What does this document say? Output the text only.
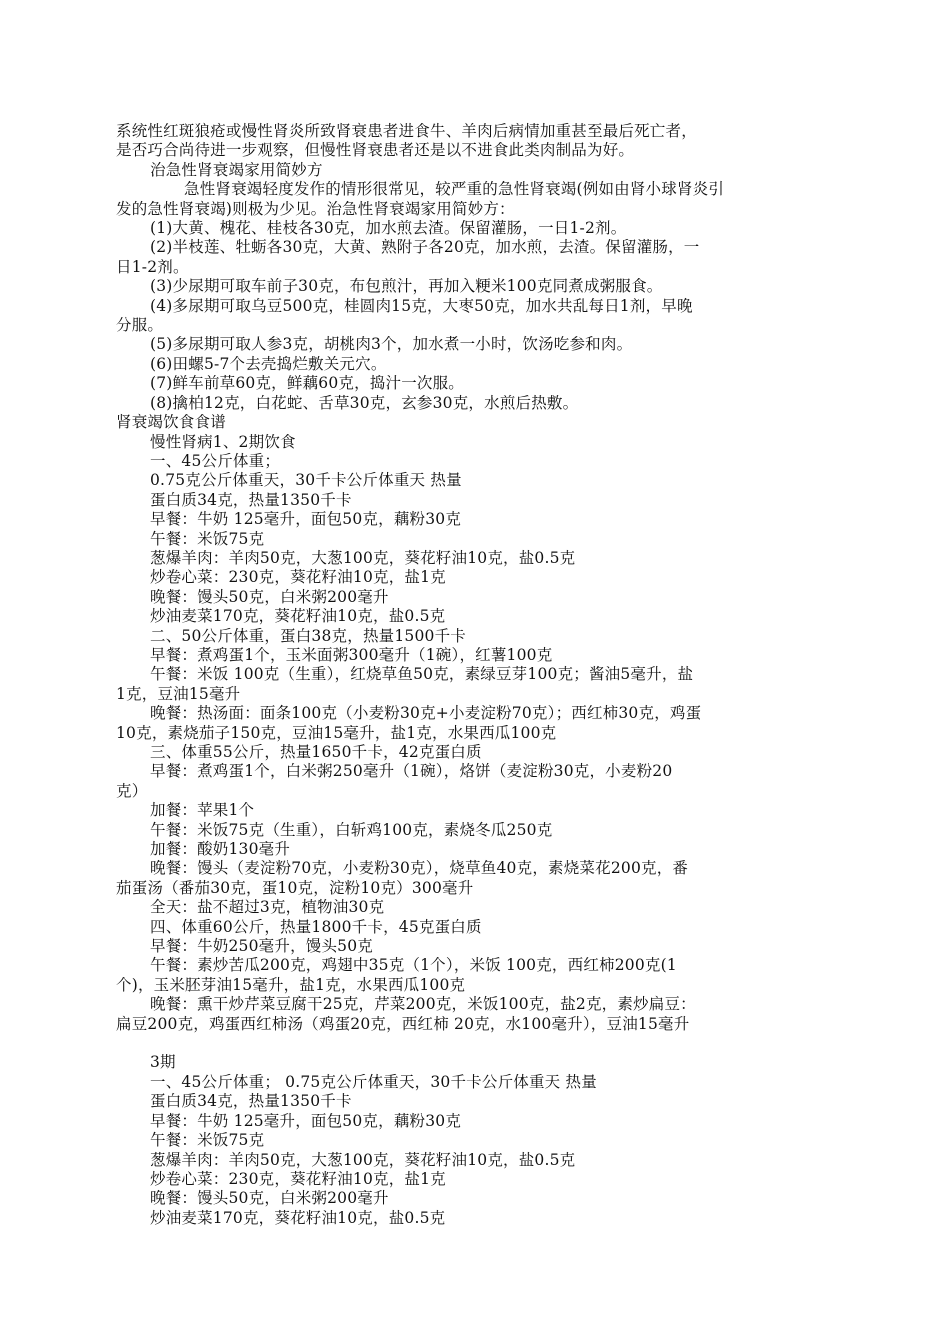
系统性红斑狼疮或慢性肾炎所致肾衰患者进食牛、羊肉后病情加重甚至最后死亡者，
是否巧合尚待进一步观察，但慢性肾衰患者还是以不进食此类肉制品为好。
治急性肾衰竭家用简妙方
急性肾衰竭轻度发作的情形很常见，较严重的急性肾衰竭(例如由肾小球肾炎引
发的急性肾衰竭)则极为少见。治急性肾衰竭家用简妙方：
(1)大黄、槐花、桂枝各30克，加水煎去渣。保留灌肠，一日1-2剂。
(2)半枝莲、牡蛎各30克，大黄、熟附子各20克，加水煎，去渣。保留灌肠，一
日1-2剂。
(3)少尿期可取车前子30克，布包煎汁，再加入粳米100克同煮成粥服食。
(4)多尿期可取乌豆500克，桂圆肉15克，大枣50克，加水共乱每日1剂，早晚
分服。
(5)多尿期可取人参3克，胡桃肉3个，加水煮一小时，饮汤吃参和肉。
(6)田螺5-7个去壳捣烂敷关元穴。
(7)鲜车前草60克，鲜藕60克，捣汁一次服。
(8)擒柏12克，白花蛇、舌草30克，玄参30克，水煎后热敷。
肾衰竭饮食食谱
慢性肾病1、2期饮食
一、45公斤体重；
0.75克公斤体重天，30千卡公斤体重天 热量
蛋白质34克，热量1350千卡
早餐：牛奶 125毫升，面包50克，藕粉30克
午餐：米饭75克
葱爆羊肉：羊肉50克，大葱100克，葵花籽油10克，盐0.5克
炒卷心菜：230克，葵花籽油10克，盐1克
晚餐：馒头50克，白米粥200毫升
炒油麦菜170克，葵花籽油10克，盐0.5克
二、50公斤体重，蛋白38克，热量1500千卡
早餐：煮鸡蛋1个，玉米面粥300毫升（1碗），红薯100克
午餐：米饭 100克（生重），红烧草鱼50克，素绿豆芽100克；酱油5毫升，盐
1克，豆油15毫升
晚餐：热汤面：面条100克（小麦粉30克+小麦淀粉70克）；西红柿30克，鸡蛋
10克，素烧茄子150克，豆油15毫升，盐1克，水果西瓜100克
三、体重55公斤，热量1650千卡，42克蛋白质
早餐：煮鸡蛋1个，白米粥250毫升（1碗），烙饼（麦淀粉30克，小麦粉20
克）
加餐：苹果1个
午餐：米饭75克（生重），白斩鸡100克，素烧冬瓜250克
加餐：酸奶130毫升
晚餐：馒头（麦淀粉70克，小麦粉30克），烧草鱼40克，素烧菜花200克，番
茄蛋汤（番茄30克，蛋10克，淀粉10克）300毫升
全天：盐不超过3克，植物油30克
四、体重60公斤，热量1800千卡，45克蛋白质
早餐：牛奶250毫升，馒头50克
午餐：素炒苦瓜200克，鸡翅中35克（1个），米饭 100克，西红柿200克(1
个)，玉米胚芽油15毫升，盐1克，水果西瓜100克
晚餐：熏干炒芹菜豆腐干25克，芹菜200克，米饭100克，盐2克，素炒扁豆：
扁豆200克，鸡蛋西红柿汤（鸡蛋20克，西红柿 20克，水100毫升），豆油15毫升
3期
一、45公斤体重； 0.75克公斤体重天，30千卡公斤体重天 热量
蛋白质34克，热量1350千卡
早餐：牛奶 125毫升，面包50克，藕粉30克
午餐：米饭75克
葱爆羊肉：羊肉50克，大葱100克，葵花籽油10克，盐0.5克
炒卷心菜：230克，葵花籽油10克，盐1克
晚餐：馒头50克，白米粥200毫升
炒油麦菜170克，葵花籽油10克，盐0.5克
